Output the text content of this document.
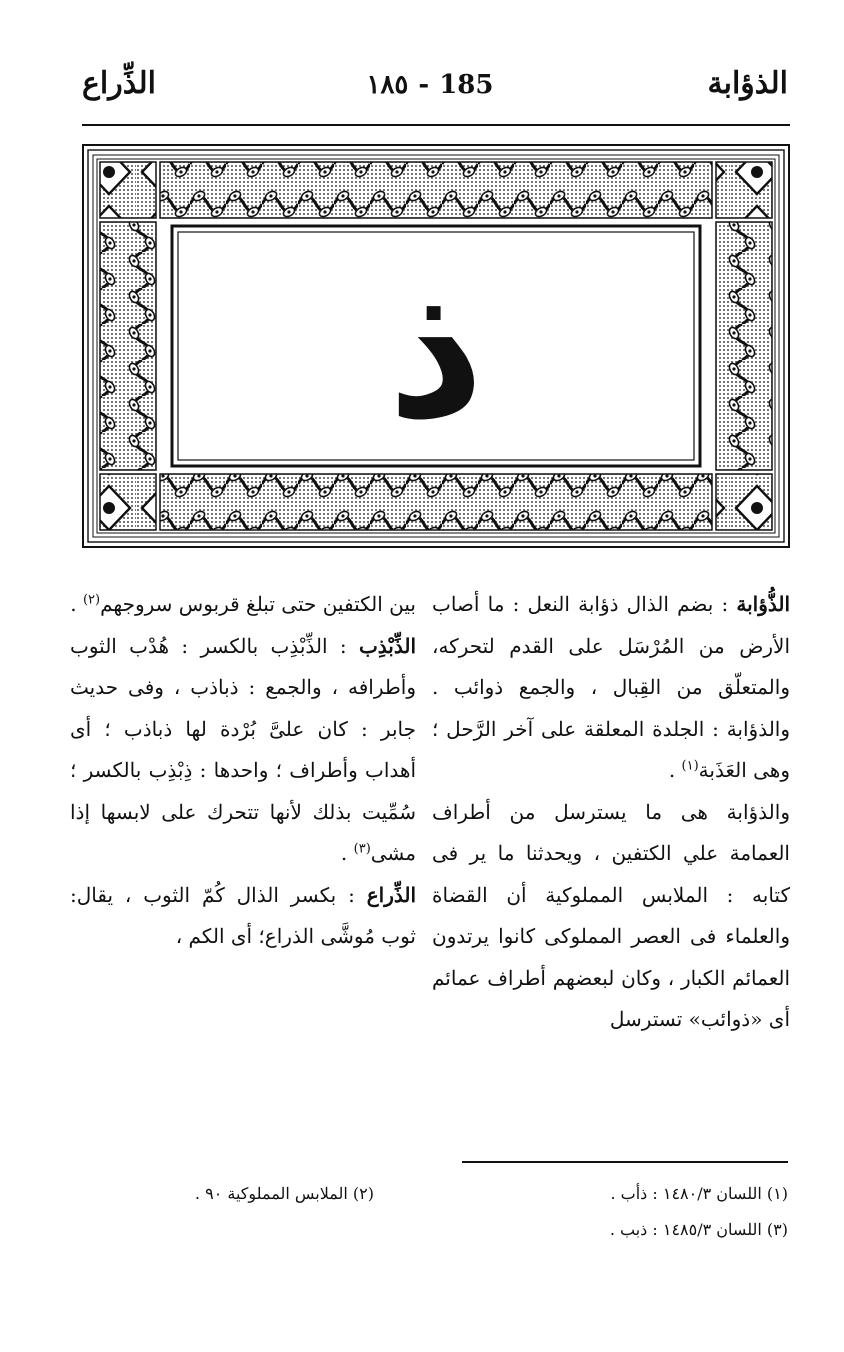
الذؤابة
١٨٥ - 185
الذِّراع
ذ

الذُّؤابة : بضم الذال ذؤابة النعل : ما أصاب الأرض من المُرْسَل على القدم لتحركه، والمتعلّق من القِبال ، والجمع ذوائب . والذؤابة : الجلدة المعلقة على آخر الرَّحل ؛ وهى العَذَبة$^{(١)}$ .

والذؤابة هى ما يسترسل من أطراف العمامة علي الكتفين ، ويحدثنا ما ير فى كتابه : الملابس المملوكية أن القضاة والعلماء فى العصر المملوكى كانوا يرتدون العمائم الكبار ، وكان لبعضهم أطراف عمائم أى «ذوائب» تسترسل

بين الكتفين حتى تبلغ قربوس سروجهم$^{(٢)}$ .

الذِّبْذِب : الذِّبْذِب بالكسر : هُدْب الثوب وأطرافه ، والجمع : ذباذب ، وفى حديث جابر : كان علىَّ بُرْدة لها ذباذب ؛ أى أهداب وأطراف ؛ واحدها : ذِبْذِب بالكسر ؛ سُمِّيت بذلك لأنها تتحرك على لابسها إذا مشى$^{(٣)}$ .

الذِّراع : بكسر الذال كُمّ الثوب ، يقال: ثوب مُوشَّى الذراع؛ أى الكم ،

(١) اللسان ١٤٨٠/٣ : ذأب .
(٢) الملابس المملوكية ٩٠ .
(٣) اللسان ١٤٨٥/٣ : ذبب .
